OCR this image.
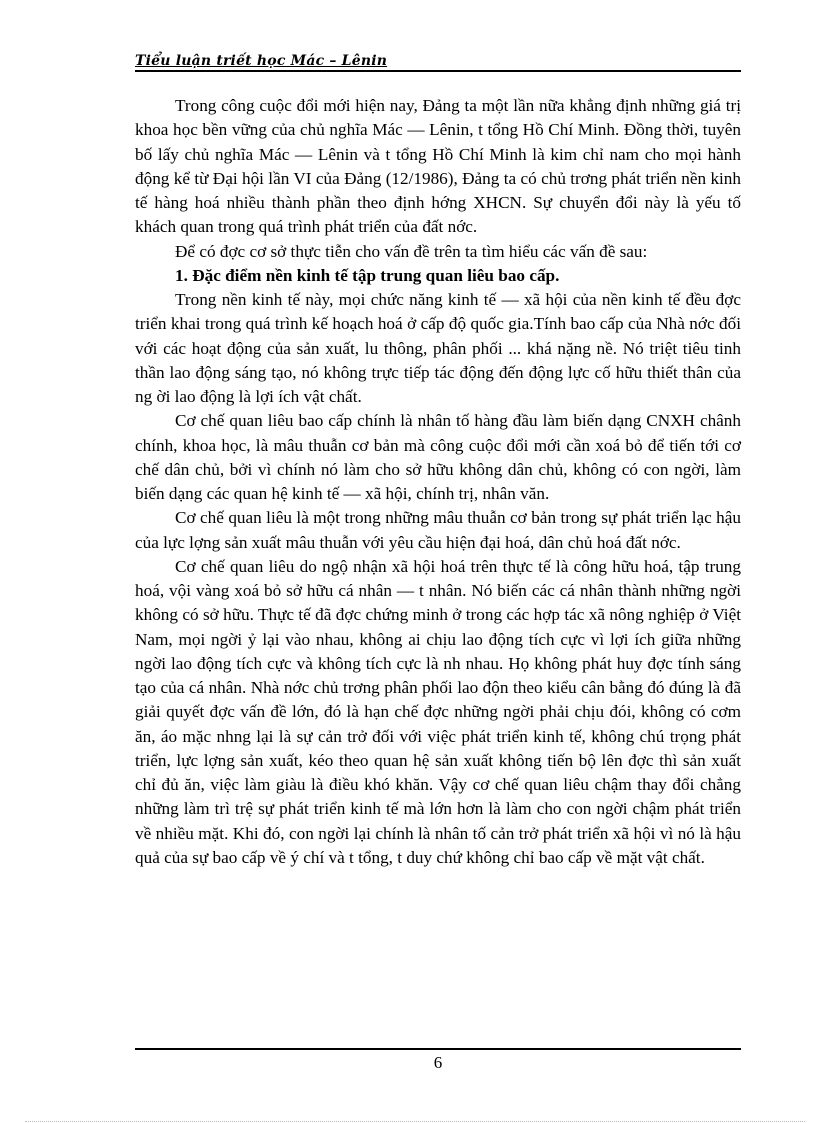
Tiểu luận triết học Mác – Lênin

Trong công cuộc đổi mới hiện nay, Đảng ta một lần nữa khẳng định những giá trị khoa học bền vững của chủ nghĩa Mác — Lênin, t tổng Hồ Chí Minh. Đồng thời, tuyên bố lấy chủ nghĩa Mác — Lênin và t tổng Hồ Chí Minh là kim chỉ nam cho mọi hành động kể từ Đại hội lần VI của Đảng (12/1986), Đảng ta có chủ trơng phát triển nền kinh tế hàng hoá nhiều thành phần theo định hớng XHCN. Sự chuyển đổi này là yếu tố khách quan trong quá trình phát triển của đất nớc.

Để có đợc cơ sở thực tiễn cho vấn đề trên ta tìm hiểu các vấn đề sau:

1. Đặc điểm nền kinh tế tập trung quan liêu bao cấp.

Trong nền kinh tế này, mọi chức năng kinh tế — xã hội của nền kinh tế đều đợc triển khai trong quá trình kế hoạch hoá ở cấp độ quốc gia.Tính bao cấp của Nhà nớc đối với các hoạt động của sản xuất, lu thông, phân phối ... khá nặng nề. Nó triệt tiêu tinh thần lao động sáng tạo, nó không trực tiếp tác động đến động lực cố hữu thiết thân của ng ời lao động là lợi ích vật chất.

Cơ chế quan liêu bao cấp chính là nhân tố hàng đầu làm biến dạng CNXH chânh chính, khoa học, là mâu thuẫn cơ bản mà công cuộc đổi mới cần xoá bỏ để tiến tới cơ chế dân chủ, bởi vì chính nó làm cho sở hữu không dân chủ, không có con ngời, làm biến dạng các quan hệ kinh tế — xã hội, chính trị, nhân văn.

Cơ chế quan liêu là một trong những mâu thuẫn cơ bản trong sự phát triển lạc hậu của lực lợng sản xuất mâu thuẫn với yêu cầu hiện đại hoá, dân chủ hoá đất nớc.

Cơ chế quan liêu do ngộ nhận xã hội hoá trên thực tế là công hữu hoá, tập trung hoá, vội vàng xoá bỏ sở hữu cá nhân — t nhân. Nó biến các cá nhân thành những ngời không có sở hữu. Thực tế đã đợc chứng minh ở trong các hợp tác xã nông nghiệp ở Việt Nam, mọi ngời ỷ lại vào nhau, không ai chịu lao động tích cực vì lợi ích giữa những ngời lao động tích cực và không tích cực là nh nhau. Họ không phát huy đợc tính sáng tạo của cá nhân. Nhà nớc chủ trơng phân phối lao độn theo kiểu cân bằng đó đúng là đã giải quyết đợc vấn đề lớn, đó là hạn chế đợc những ngời phải chịu đói, không có cơm ăn, áo mặc nhng lại là sự cản trở đối với việc phát triển kinh tế, không chú trọng phát triển, lực lợng sản xuất, kéo theo quan hệ sản xuất không tiến bộ lên đợc thì sản xuất chỉ đủ ăn, việc làm giàu là điều khó khăn. Vậy cơ chế quan liêu chậm thay đổi chẳng những làm trì trệ sự phát triển kinh tế mà lớn hơn là làm cho con ngời chậm phát triển về nhiều mặt. Khi đó, con ngời lại chính là nhân tố cản trở phát triển xã hội vì nó là hậu quả của sự bao cấp về ý chí và t tổng, t duy chứ không chỉ bao cấp về mặt vật chất.

6
